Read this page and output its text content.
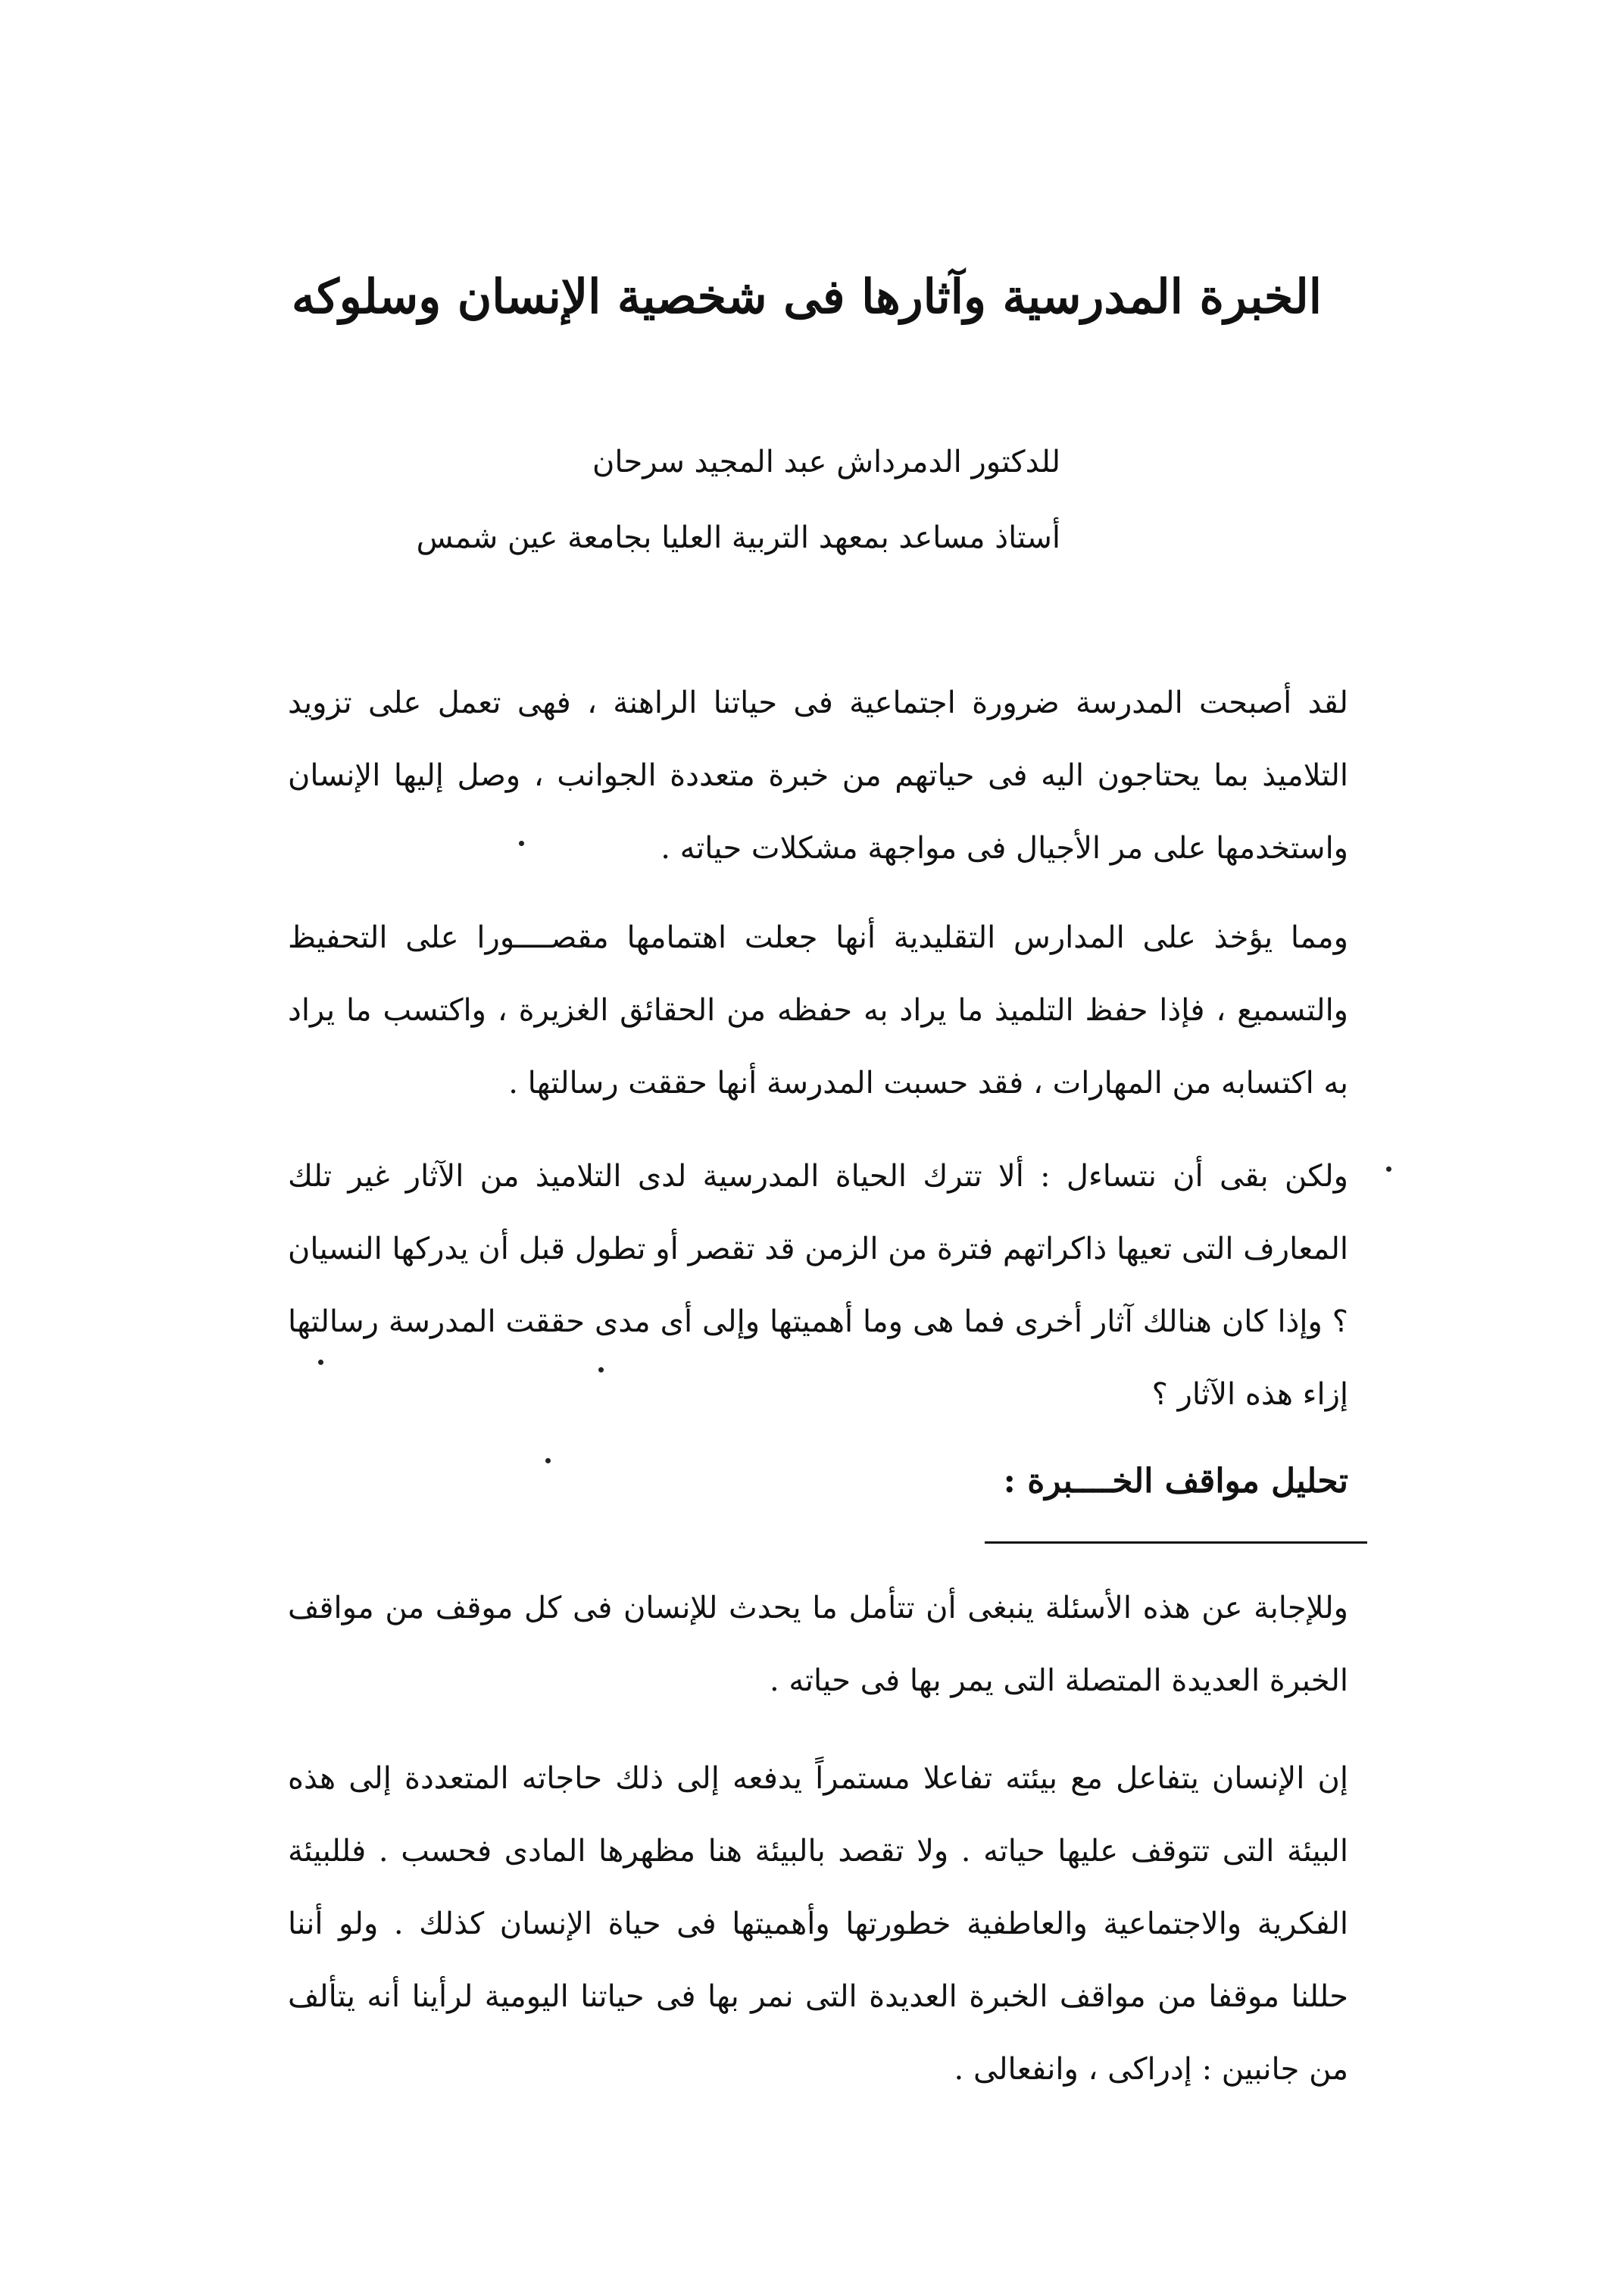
الخبرة المدرسية وآثارها فى شخصية الإنسان وسلوكه
للدكتور الدمرداش عبد المجيد سرحان
أستاذ مساعد بمعهد التربية العليا بجامعة عين شمس
لقد أصبحت المدرسة ضرورة اجتماعية فى حياتنا الراهنة ، فهى تعمل على تزويد التلاميذ بما يحتاجون اليه فى حياتهم من خبرة متعددة الجوانب ، وصل إليها الإنسان واستخدمها على مر الأجيال فى مواجهة مشكلات حياته .
ومما يؤخذ على المدارس التقليدية أنها جعلت اهتمامها مقصــــورا على التحفيظ والتسميع ، فإذا حفظ التلميذ ما يراد به حفظه من الحقائق الغزيرة ، واكتسب ما يراد به اكتسابه من المهارات ، فقد حسبت المدرسة أنها حققت رسالتها .
ولكن بقى أن نتساءل : ألا تترك الحياة المدرسية لدى التلاميذ من الآثار غير تلك المعارف التى تعيها ذاكراتهم فترة من الزمن قد تقصر أو تطول قبل أن يدركها النسيان ؟ وإذا كان هنالك آثار أخرى فما هى وما أهميتها وإلى أى مدى حققت المدرسة رسالتها إزاء هذه الآثار ؟
تحليل مواقف الخــــبرة :
وللإجابة عن هذه الأسئلة ينبغى أن تتأمل ما يحدث للإنسان فى كل موقف من مواقف الخبرة العديدة المتصلة التى يمر بها فى حياته .
إن الإنسان يتفاعل مع بيئته تفاعلا مستمراً يدفعه إلى ذلك حاجاته المتعددة إلى هذه البيئة التى تتوقف عليها حياته . ولا تقصد بالبيئة هنا مظهرها المادى فحسب . فللبيئة الفكرية والاجتماعية والعاطفية خطورتها وأهميتها فى حياة الإنسان كذلك . ولو أننا حللنا موقفا من مواقف الخبرة العديدة التى نمر بها فى حياتنا اليومية لرأينا أنه يتألف من جانبين : إدراكى ، وانفعالى .
